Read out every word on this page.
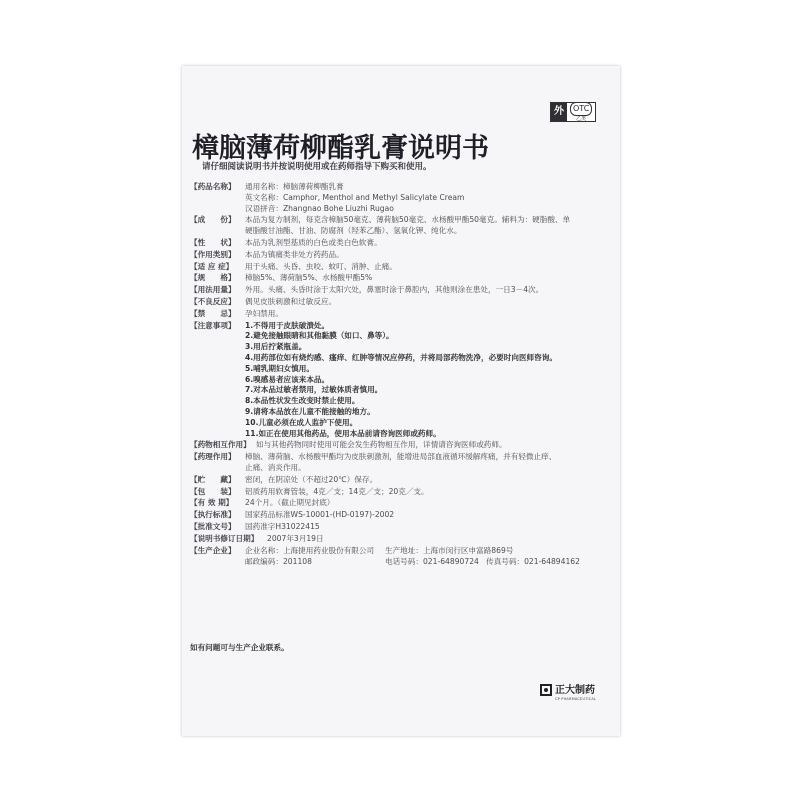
外	OTC
乙类
樟脑薄荷柳酯乳膏说明书
请仔细阅读说明书并按说明使用或在药师指导下购买和使用。
【药品名称】	通用名称：樟脑薄荷柳酯乳膏
英文名称：Camphor, Menthol and Methyl Salicylate Cream
汉语拼音：Zhangnao Bohe Liuzhi Rugao
【成　　份】	本品为复方制剂，每克含樟脑50毫克、薄荷脑50毫克、水杨酸甲酯50毫克。辅料为：硬脂酸、单
硬脂酸甘油酯、甘油、防腐剂（羟苯乙酯）、氢氧化钾、纯化水。
【性　　状】	本品为乳剂型基质的白色或类白色软膏。
【作用类别】	本品为镇痛类非处方药药品。
【适 应 症】	用于头痛、头昏、虫咬、蚊叮、消肿、止痛。
【规　　格】	樟脑5%、薄荷脑5%、水杨酸甲酯5%
【用法用量】	外用。头痛、头昏时涂于太阳穴处，鼻塞时涂于鼻腔内，其他则涂在患处，一日3－4次。
【不良反应】	偶见皮肤刺激和过敏反应。
【禁　　忌】	孕妇禁用。
【注意事项】	1.不得用于皮肤破溃处。
2.避免接触眼睛和其他黏膜（如口、鼻等）。
3.用后拧紧瓶盖。
4.用药部位如有烧灼感、瘙痒、红肿等情况应停药，并将局部药物洗净，必要时向医师咨询。
5.哺乳期妇女慎用。
6.嗅感易者应该来本品。
7.对本品过敏者禁用，过敏体质者慎用。
8.本品性状发生改变时禁止使用。
9.请将本品放在儿童不能接触的地方。
10.儿童必须在成人监护下使用。
11.如正在使用其他药品，使用本品前请咨询医师或药师。
【药物相互作用】 如与其他药物同时使用可能会发生药物相互作用，详情请咨询医师或药师。
【药理作用】	樟脑、薄荷脑、水杨酸甲酯均为皮肤刺激剂，能增进局部血液循环缓解疼痛，并有轻微止痒、
止痛、消炎作用。
【贮　　藏】	密闭，在阴凉处（不超过20℃）保存。
【包　　装】	铝质药用软膏管装，4克／支；14克／支；20克／支。
【有 效 期】	24个月。（截止期见封底）
【执行标准】	国家药品标准WS-10001-(HD-0197)-2002
【批准文号】	国药准字H31022415
【说明书修订日期】	2007年3月19日
【生产企业】	企业名称：上海捷用药业股份有限公司	生产地址：上海市闵行区申富路869号
邮政编码：201108	电话号码：021-64890724 传真号码：021-64894162
如有问题可与生产企业联系。
正大制药
CP PHARMACEUTICAL
